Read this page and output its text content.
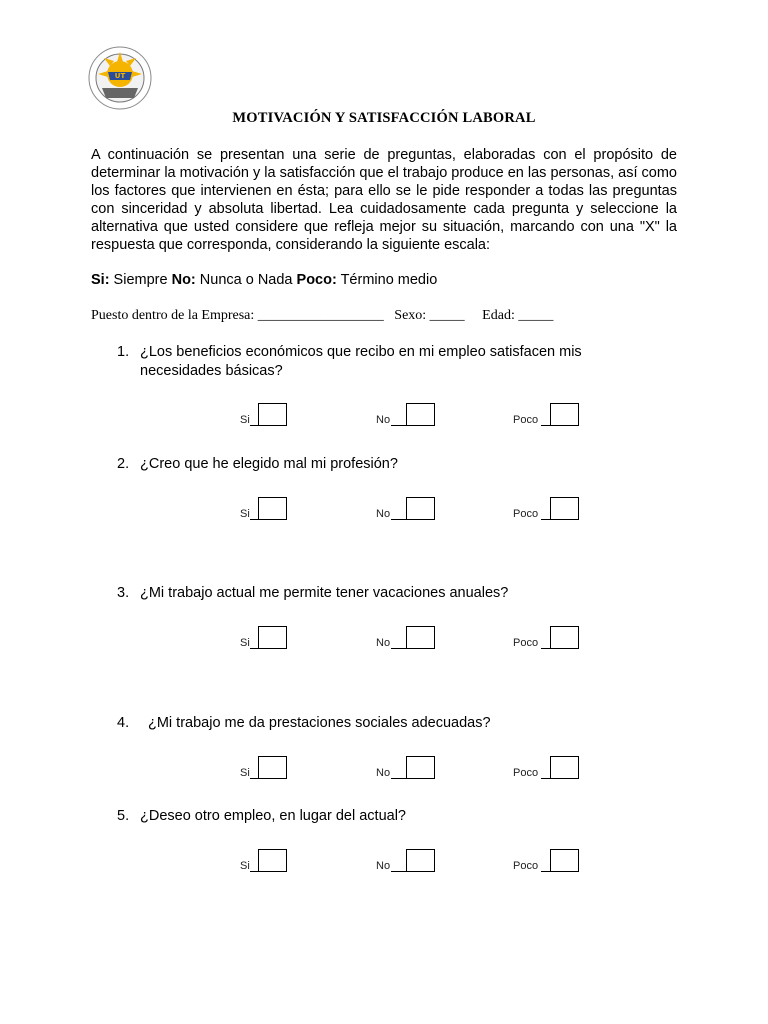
UT
MOTIVACIÓN Y SATISFACCIÓN LABORAL
A continuación se presentan una serie de preguntas, elaboradas con el propósito de determinar la motivación y la satisfacción que el trabajo produce en las personas, así como los factores que intervienen en ésta; para ello se le pide responder a todas las preguntas con sinceridad y absoluta libertad. Lea cuidadosamente cada pregunta y seleccione la alternativa que usted considere que refleja mejor su situación, marcando con una "X" la respuesta que corresponda, considerando la siguiente escala:
Si: Siempre No: Nunca o Nada Poco: Término medio
Puesto dentro de la Empresa: __________________   Sexo: _____     Edad: _____
1. ¿Los beneficios económicos que recibo en mi empleo satisfacen mis
necesidades básicas?
2. ¿Creo que he elegido mal mi profesión?
3. ¿Mi trabajo actual me permite tener vacaciones anuales?
4. ¿Mi trabajo me da prestaciones sociales adecuadas?
5. ¿Deseo otro empleo, en lugar del actual?
Si	No	Poco
Si	No	Poco
Si	No	Poco
Si	No	Poco
Si	No	Poco
